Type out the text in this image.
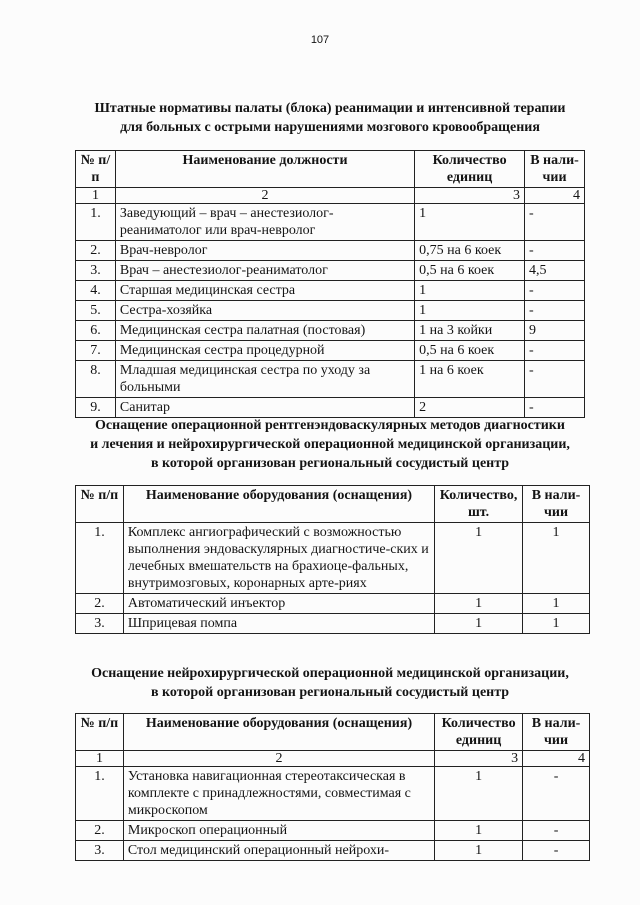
107
Штатные нормативы палаты (блока) реанимации и интенсивной терапии
для больных с острыми нарушениями мозгового кровообращения
№ п/п	Наименование должности	Количество единиц	В нали-чии
1	2	3	4
1.	Заведующий – врач – анестезиолог-реаниматолог или врач-невролог	1	-
2.	Врач-невролог	0,75 на 6 коек	-
3.	Врач – анестезиолог-реаниматолог	0,5 на 6 коек	4,5
4.	Старшая медицинская сестра	1	-
5.	Сестра-хозяйка	1	-
6.	Медицинская сестра палатная (постовая)	1 на 3 койки	9
7.	Медицинская сестра процедурной	0,5 на 6 коек	-
8.	Младшая медицинская сестра по уходу за больными	1 на 6 коек	-
9.	Санитар	2	-
Оснащение операционной рентгенэндоваскулярных методов диагностики
и лечения и нейрохирургической операционной медицинской организации,
в которой организован региональный сосудистый центр
№ п/п	Наименование оборудования (оснащения)	Количество, шт.	В нали-чии
1.	Комплекс ангиографический с возможностью выполнения эндоваскулярных диагностиче-ских и лечебных вмешательств на брахиоце-фальных, внутримозговых, коронарных арте-риях	1	1
2.	Автоматический инъектор	1	1
3.	Шприцевая помпа	1	1
Оснащение нейрохирургической операционной медицинской организации,
в которой организован региональный сосудистый центр
№ п/п	Наименование оборудования (оснащения)	Количество единиц	В нали-чии
1	2	3	4
1.	Установка навигационная стереотаксическая в комплекте с принадлежностями, совместимая с микроскопом	1	-
2.	Микроскоп операционный	1	-
3.	Стол медицинский операционный нейрохи-	1	-
